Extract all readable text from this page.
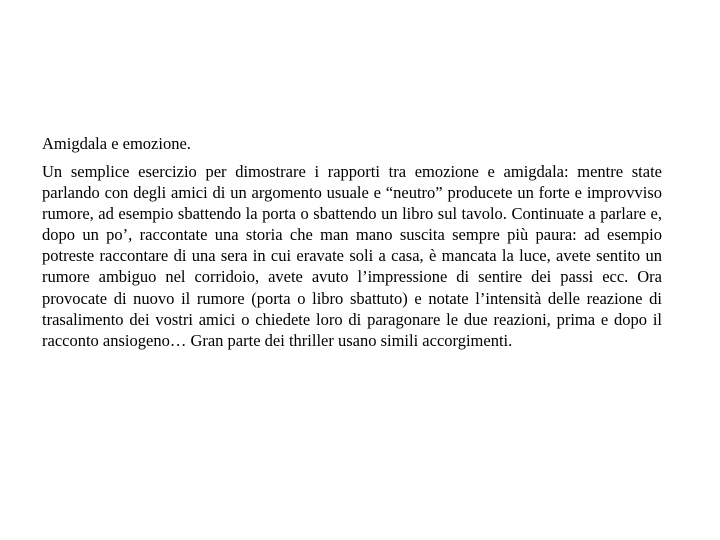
Amigdala e emozione.

Un semplice esercizio per dimostrare i rapporti tra emozione e amigdala: mentre state parlando con degli amici di un argomento usuale e “neutro” producete un forte e improvviso rumore, ad esempio sbattendo la porta o sbattendo un libro sul tavolo. Continuate a parlare e, dopo un po’, raccontate una storia che man mano suscita sempre più paura: ad esempio potreste raccontare di una sera in cui eravate soli a casa, è mancata la luce, avete sentito un rumore ambiguo nel corridoio, avete avuto l’impressione di sentire dei passi ecc. Ora provocate di nuovo il rumore (porta o libro sbattuto) e notate l’intensità delle reazione di trasalimento dei vostri amici o chiedete loro di paragonare le due reazioni, prima e dopo il racconto ansiogeno… Gran parte dei thriller usano simili accorgimenti.
